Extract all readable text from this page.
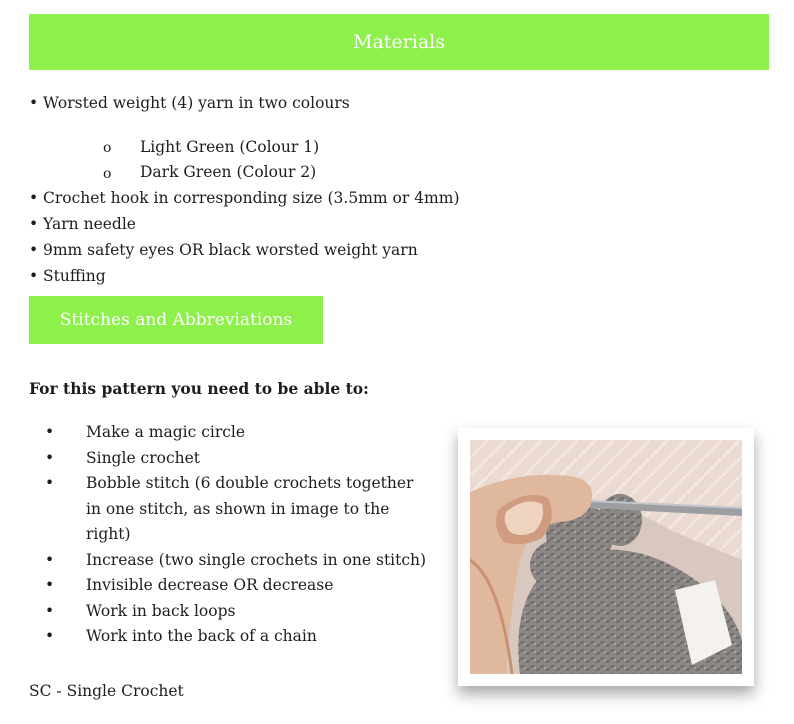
Materials
• Worsted weight (4) yarn in two colours
o Light Green (Colour 1)
o Dark Green (Colour 2)
• Crochet hook in corresponding size (3.5mm or 4mm)
• Yarn needle
• 9mm safety eyes OR black worsted weight yarn
• Stuffing
Stitches and Abbreviations
For this pattern you need to be able to:
• Make a magic circle
• Single crochet
• Bobble stitch (6 double crochets together in one stitch, as shown in image to the right)
• Increase (two single crochets in one stitch)
• Invisible decrease OR decrease
• Work in back loops
• Work into the back of a chain
SC - Single Crochet
